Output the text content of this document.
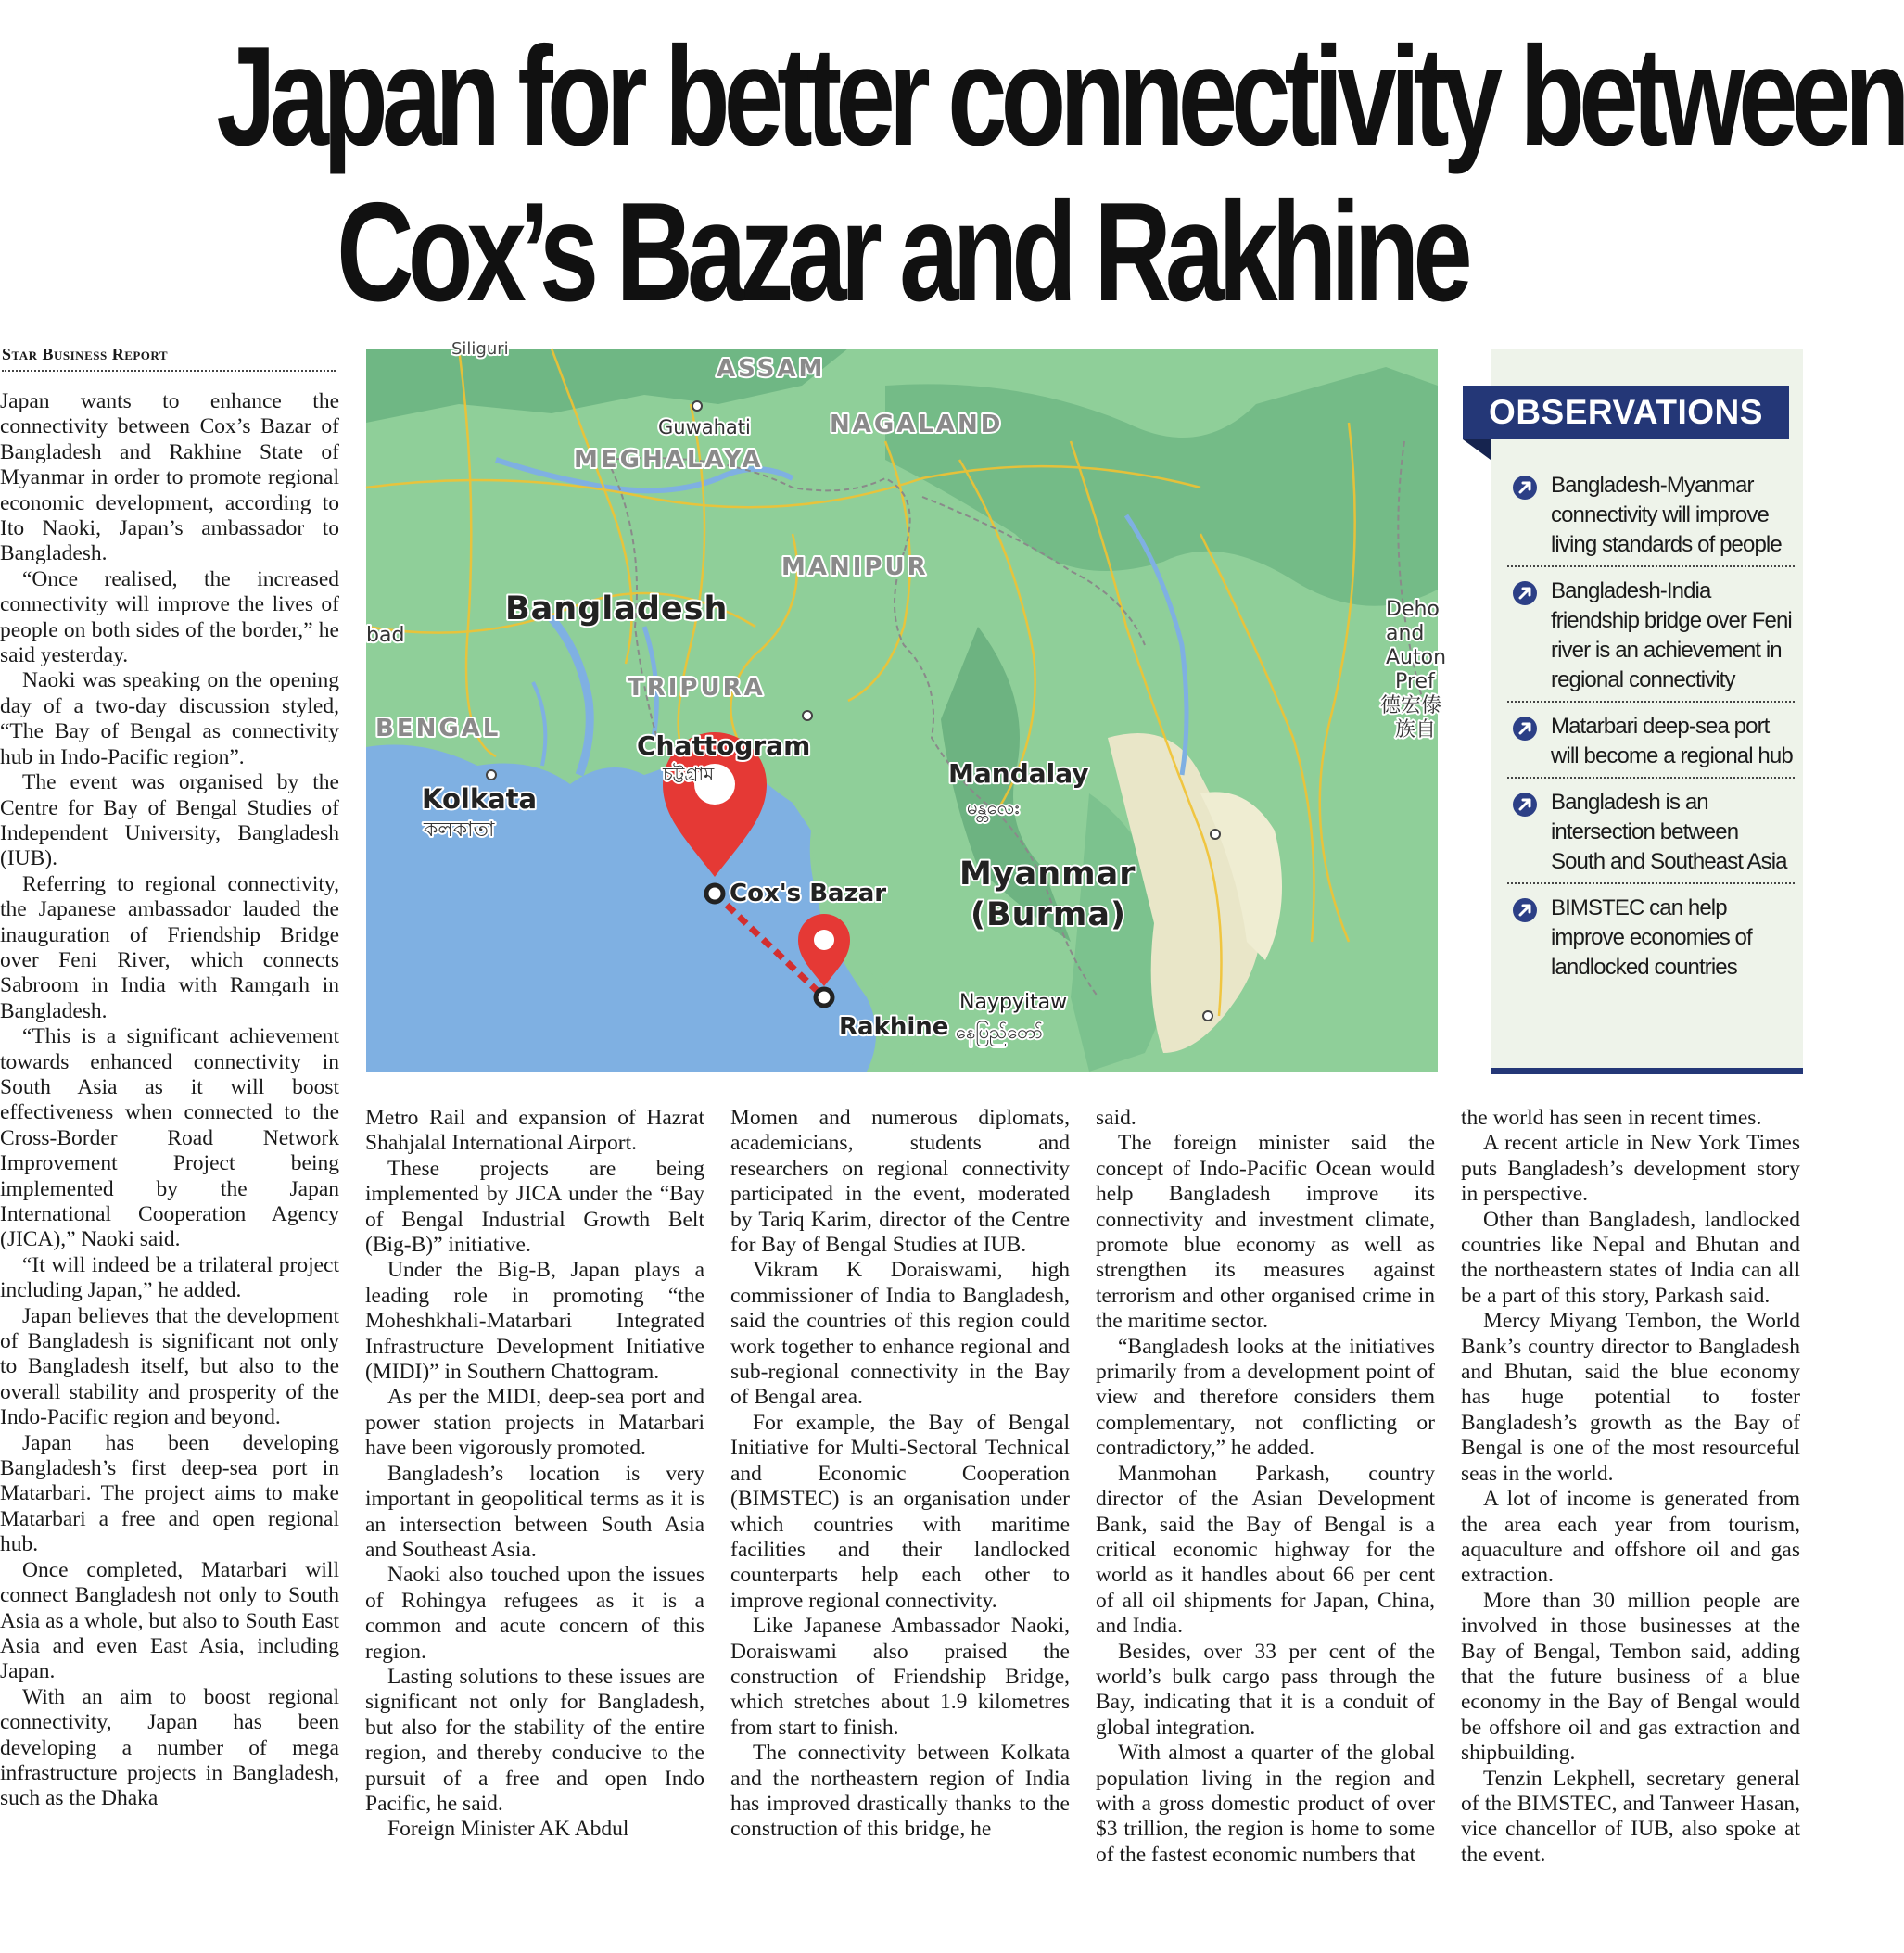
Japan for better connectivity between
Cox’s Bazar and Rakhine
Star Business Report

Japan wants to enhance the connectivity between Cox’s Bazar of Bangladesh and Rakhine State of Myanmar in order to promote regional economic development, according to Ito Naoki, Japan’s ambassador to Bangladesh.

“Once realised, the increased connectivity will improve the lives of people on both sides of the border,” he said yesterday.

Naoki was speaking on the opening day of a two-day discussion styled, “The Bay of Bengal as connectivity hub in Indo-Pacific region”.

The event was organised by the Centre for Bay of Bengal Studies of Independent University, Bangladesh (IUB).

Referring to regional connectivity, the Japanese ambassador lauded the inauguration of Friendship Bridge over Feni River, which connects Sabroom in India with Ramgarh in Bangladesh.

“This is a significant achievement towards enhanced connectivity in South Asia as it will boost effectiveness when connected to the Cross-Border Road Network Improvement Project being implemented by the Japan International Cooperation Agency (JICA),” Naoki said.

“It will indeed be a trilateral project including Japan,” he added.

Japan believes that the development of Bangladesh is significant not only to Bangladesh itself, but also to the overall stability and prosperity of the Indo-Pacific region and beyond.

Japan has been developing Bangladesh’s first deep-sea port in Matarbari. The project aims to make Matarbari a free and open regional hub.

Once completed, Matarbari will connect Bangladesh not only to South Asia as a whole, but also to South East Asia and even East Asia, including Japan.

With an aim to boost regional connectivity, Japan has been developing a number of mega infrastructure projects in Bangladesh, such as the Dhaka

Siliguri
ASSAM
Guwahati	NAGALAND
MEGHALAYA
MANIPUR
Bangladesh
bad
TRIPURA
BENGAL
Chattogram
চট্টগ্রাম
Kolkata
কলকাতা
Mandalay
မန္တလေး
Myanmar
(Burma)
Naypyitaw
နေပြည်တော်
Cox's Bazar
Rakhine
Deho
and
Auton
Pref
德宏傣
族自
OBSERVATIONS
Bangladesh-Myanmar connectivity will improve living standards of people
Bangladesh-India friendship bridge over Feni river is an achievement in regional connectivity
Matarbari deep-sea port will become a regional hub
Bangladesh is an intersection between South and Southeast Asia
BIMSTEC can help improve economies of landlocked countries

Metro Rail and expansion of Hazrat Shahjalal International Airport.

These projects are being implemented by JICA under the “Bay of Bengal Industrial Growth Belt (Big-B)” initiative.

Under the Big-B, Japan plays a leading role in promoting “the Moheshkhali-Matarbari Integrated Infrastructure Development Initiative (MIDI)” in Southern Chattogram.

As per the MIDI, deep-sea port and power station projects in Matarbari have been vigorously promoted.

Bangladesh’s location is very important in geopolitical terms as it is an intersection between South Asia and Southeast Asia.

Naoki also touched upon the issues of Rohingya refugees as it is a common and acute concern of this region.

Lasting solutions to these issues are significant not only for Bangladesh, but also for the stability of the entire region, and thereby conducive to the pursuit of a free and open Indo Pacific, he said.

Foreign Minister AK Abdul

Momen and numerous diplomats, academicians, students and researchers on regional connectivity participated in the event, moderated by Tariq Karim, director of the Centre for Bay of Bengal Studies at IUB.

Vikram K Doraiswami, high commissioner of India to Bangladesh, said the countries of this region could work together to enhance regional and sub-regional connectivity in the Bay of Bengal area.

For example, the Bay of Bengal Initiative for Multi-Sectoral Technical and Economic Cooperation (BIMSTEC) is an organisation under which countries with maritime facilities and their landlocked counterparts help each other to improve regional connectivity.

Like Japanese Ambassador Naoki, Doraiswami also praised the construction of Friendship Bridge, which stretches about 1.9 kilometres from start to finish.

The connectivity between Kolkata and the northeastern region of India has improved drastically thanks to the construction of this bridge, he

said.

The foreign minister said the concept of Indo-Pacific Ocean would help Bangladesh improve its connectivity and investment climate, promote blue economy as well as strengthen its measures against terrorism and other organised crime in the maritime sector.

“Bangladesh looks at the initiatives primarily from a development point of view and therefore considers them complementary, not conflicting or contradictory,” he added.

Manmohan Parkash, country director of the Asian Development Bank, said the Bay of Bengal is a critical economic highway for the world as it handles about 66 per cent of all oil shipments for Japan, China, and India.

Besides, over 33 per cent of the world’s bulk cargo pass through the Bay, indicating that it is a conduit of global integration.

With almost a quarter of the global population living in the region and with a gross domestic product of over $3 trillion, the region is home to some of the fastest economic numbers that

the world has seen in recent times.

A recent article in New York Times puts Bangladesh’s development story in perspective.

Other than Bangladesh, landlocked countries like Nepal and Bhutan and the northeastern states of India can all be a part of this story, Parkash said.

Mercy Miyang Tembon, the World Bank’s country director to Bangladesh and Bhutan, said the blue economy has huge potential to foster Bangladesh’s growth as the Bay of Bengal is one of the most resourceful seas in the world.

A lot of income is generated from the area each year from tourism, aquaculture and offshore oil and gas extraction.

More than 30 million people are involved in those businesses at the Bay of Bengal, Tembon said, adding that the future business of a blue economy in the Bay of Bengal would be offshore oil and gas extraction and shipbuilding.

Tenzin Lekphell, secretary general of the BIMSTEC, and Tanweer Hasan, vice chancellor of IUB, also spoke at the event.
